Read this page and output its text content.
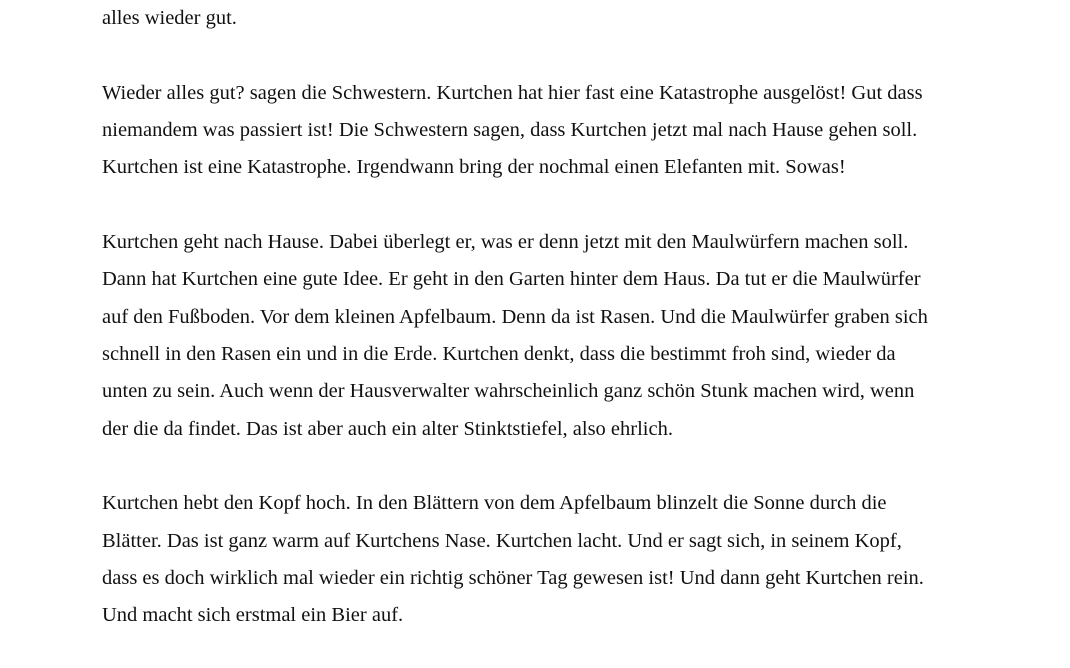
alles wieder gut.
Wieder alles gut? sagen die Schwestern. Kurtchen hat hier fast eine Katastrophe ausgelöst! Gut dass
niemandem was passiert ist! Die Schwestern sagen, dass Kurtchen jetzt mal nach Hause gehen soll.
Kurtchen ist eine Katastrophe. Irgendwann bring der nochmal einen Elefanten mit. Sowas!
Kurtchen geht nach Hause. Dabei überlegt er, was er denn jetzt mit den Maulwürfern machen soll.
Dann hat Kurtchen eine gute Idee. Er geht in den Garten hinter dem Haus. Da tut er die Maulwürfer
auf den Fußboden. Vor dem kleinen Apfelbaum. Denn da ist Rasen. Und die Maulwürfer graben sich
schnell in den Rasen ein und in die Erde. Kurtchen denkt, dass die bestimmt froh sind, wieder da
unten zu sein. Auch wenn der Hausverwalter wahrscheinlich ganz schön Stunk machen wird, wenn
der die da findet. Das ist aber auch ein alter Stinktstiefel, also ehrlich.
Kurtchen hebt den Kopf hoch. In den Blättern von dem Apfelbaum blinzelt die Sonne durch die
Blätter. Das ist ganz warm auf Kurtchens Nase. Kurtchen lacht. Und er sagt sich, in seinem Kopf,
dass es doch wirklich mal wieder ein richtig schöner Tag gewesen ist! Und dann geht Kurtchen rein.
Und macht sich erstmal ein Bier auf.
